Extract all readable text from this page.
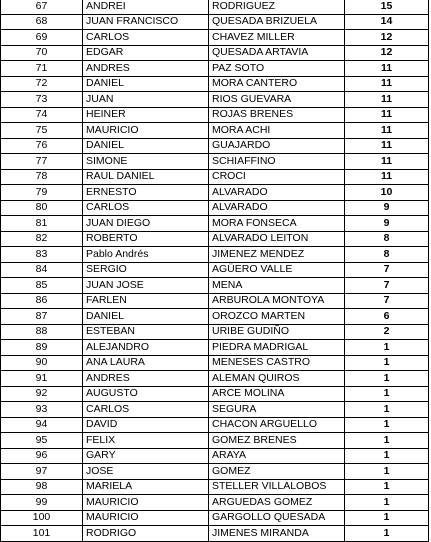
67	ANDREI	RODRIGUEZ	15
68	JUAN FRANCISCO	QUESADA BRIZUELA	14
69	CARLOS	CHAVEZ MILLER	12
70	EDGAR	QUESADA ARTAVIA	12
71	ANDRES	PAZ SOTO	11
72	DANIEL	MORA CANTERO	11
73	JUAN	RIOS GUEVARA	11
74	HEINER	ROJAS BRENES	11
75	MAURICIO	MORA ACHI	11
76	DANIEL	GUAJARDO	11
77	SIMONE	SCHIAFFINO	11
78	RAUL DANIEL	CROCI	11
79	ERNESTO	ALVARADO	10
80	CARLOS	ALVARADO	9
81	JUAN DIEGO	MORA FONSECA	9
82	ROBERTO	ALVARADO LEITON	8
83	Pablo Andrés	JIMENEZ MENDEZ	8
84	SERGIO	AGÜERO VALLE	7
85	JUAN JOSE	MENA	7
86	FARLEN	ARBUROLA MONTOYA	7
87	DANIEL	OROZCO MARTEN	6
88	ESTEBAN	URIBE GUDIÑO	2
89	ALEJANDRO	PIEDRA MADRIGAL	1
90	ANA LAURA	MENESES CASTRO	1
91	ANDRES	ALEMAN QUIROS	1
92	AUGUSTO	ARCE MOLINA	1
93	CARLOS	SEGURA	1
94	DAVID	CHACON ARGUELLO	1
95	FELIX	GOMEZ BRENES	1
96	GARY	ARAYA	1
97	JOSE	GOMEZ	1
98	MARIELA	STELLER VILLALOBOS	1
99	MAURICIO	ARGUEDAS GOMEZ	1
100	MAURICIO	GARGOLLO QUESADA	1
101	RODRIGO	JIMENES MIRANDA	1
